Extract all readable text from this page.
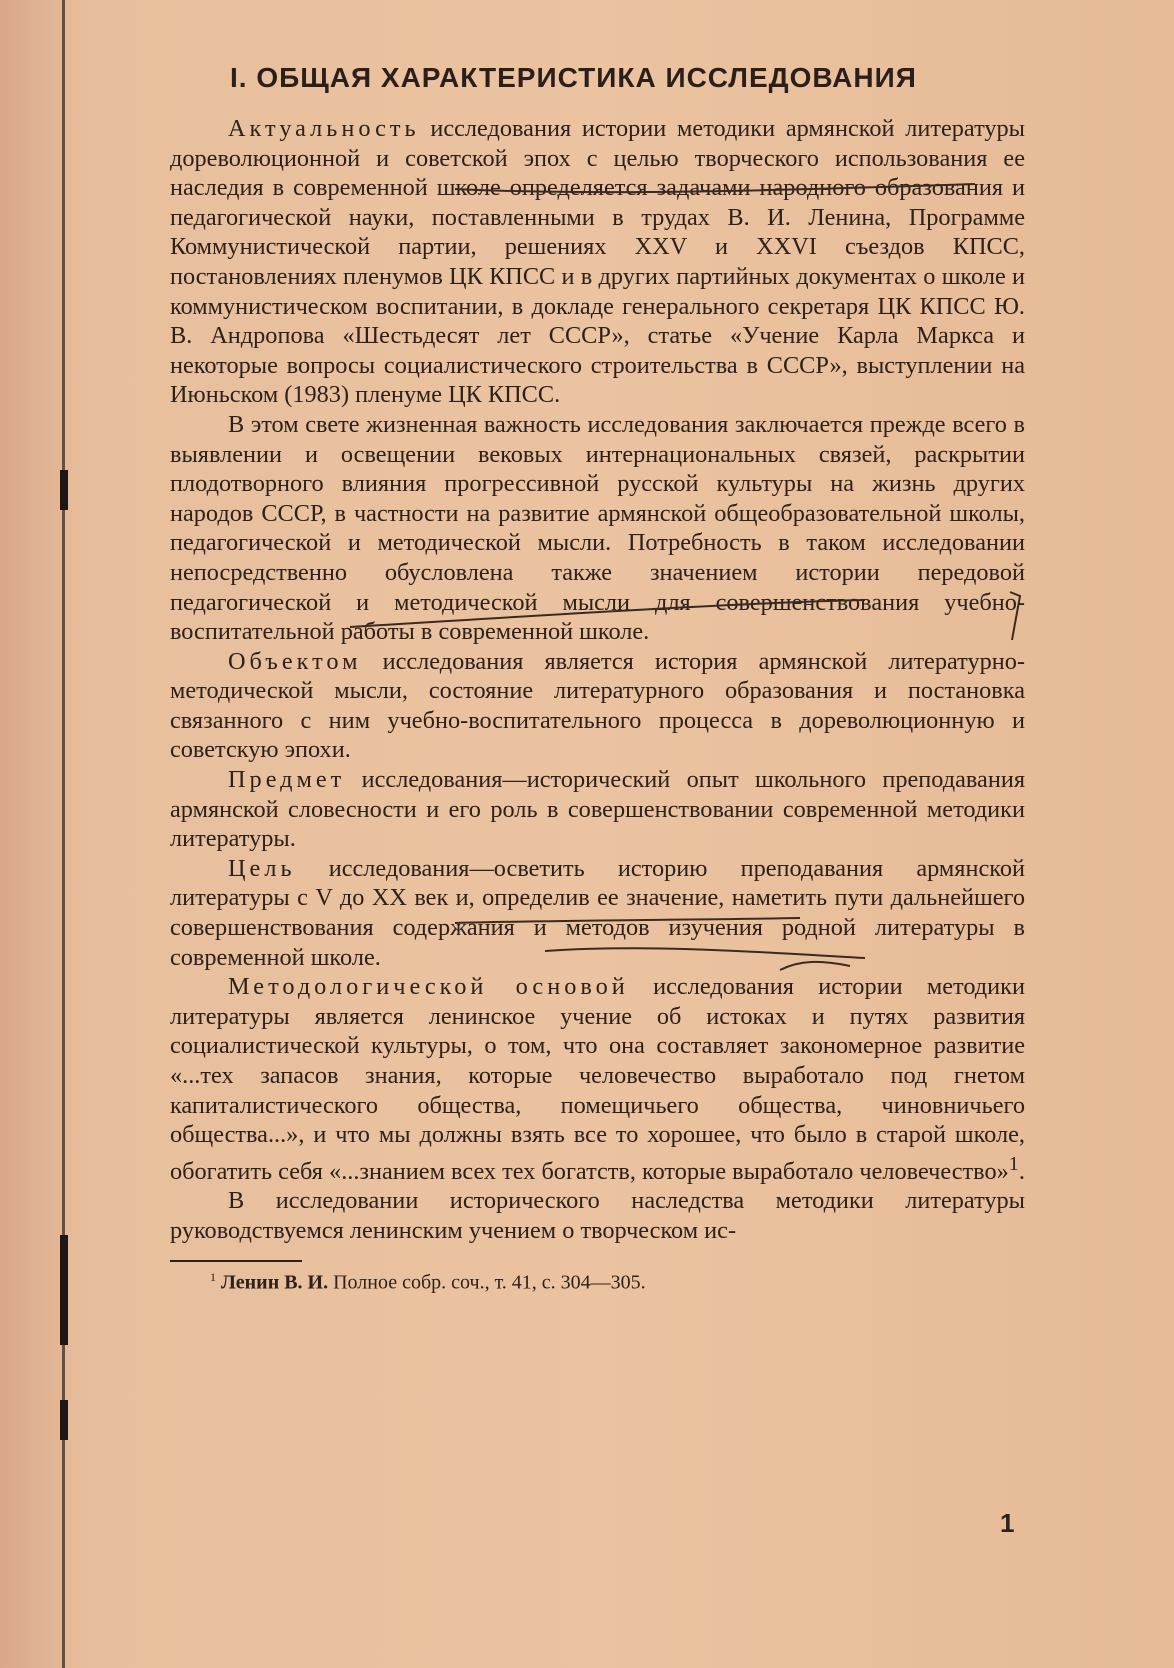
I. ОБЩАЯ ХАРАКТЕРИСТИКА ИССЛЕДОВАНИЯ

Актуальность исследования истории методики армянской литературы дореволюционной и советской эпох с целью творческого использования ее наследия в современной школе определяется задачами народного образования и педагогической науки, поставленными в трудах В. И. Ленина, Программе Коммунистической партии, решениях XXV и XXVI съездов КПСС, постановлениях пленумов ЦК КПСС и в других партийных документах о школе и коммунистическом воспитании, в докладе генерального секретаря ЦК КПСС Ю. В. Андропова «Шестьдесят лет СССР», статье «Учение Карла Маркса и некоторые вопросы социалистического строительства в СССР», выступлении на Июньском (1983) пленуме ЦК КПСС.

В этом свете жизненная важность исследования заключается прежде всего в выявлении и освещении вековых интернациональных связей, раскрытии плодотворного влияния прогрессивной русской культуры на жизнь других народов СССР, в частности на развитие армянской общеобразовательной школы, педагогической и методической мысли. Потребность в таком исследовании непосредственно обусловлена также значением истории передовой педагогической и методической мысли для совершенствования учебно-воспитательной работы в современной школе.

Объектом исследования является история армянской литературно-методической мысли, состояние литературного образования и постановка связанного с ним учебно-воспитательного процесса в дореволюционную и советскую эпохи.

Предмет исследования—исторический опыт школьного преподавания армянской словесности и его роль в совершенствовании современной методики литературы.

Цель исследования—осветить историю преподавания армянской литературы с V до XX век и, определив ее значение, наметить пути дальнейшего совершенствования содержания и методов изучения родной литературы в современной школе.

Методологической основой исследования истории методики литературы является ленинское учение об истоках и путях развития социалистической культуры, о том, что она составляет закономерное развитие «...тех запасов знания, которые человечество выработало под гнетом капиталистического общества, помещичьего общества, чиновничьего общества...», и что мы должны взять все то хорошее, что было в старой школе, обогатить себя «...знанием всех тех богатств, которые выработало человечество»$^1$.

В исследовании исторического наследства методики литературы руководствуемся ленинским учением о творческом ис-

$^1$ Ленин В. И. Полное собр. соч., т. 41, с. 304—305.
1
